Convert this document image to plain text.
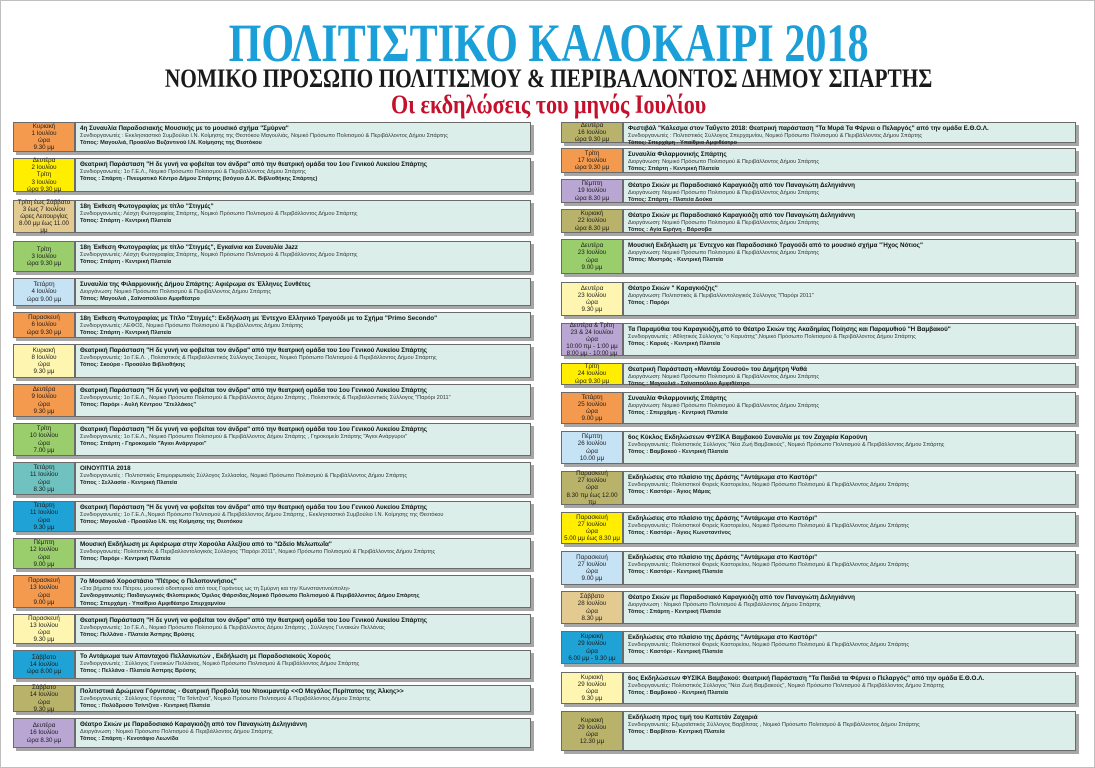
ΠΟΛΙΤΙΣΤΙΚΟ ΚΑΛΟΚΑΙΡΙ 2018
ΝΟΜΙΚΟ ΠΡΟΣΩΠΟ ΠΟΛΙΤΙΣΜΟΥ & ΠΕΡΙΒΑΛΛΟΝΤΟΣ ΔΗΜΟΥ ΣΠΑΡΤΗΣ
Οι εκδηλώσεις του μηνός Ιουλίου
Κυριακή
1 Ιουλίου
ώρα
9.30 μμ
4η Συναυλία Παραδοσιακής Μουσικής με το μουσικό σχήμα "Σμύρνα"
Συνδιοργανωτές : Εκκλησιαστικό Συμβούλιο Ι.Ν. Κοίμησης της Θεοτόκου Μαγουλιάς, Νομικό Πρόσωπο Πολιτισμού & Περιβάλλοντος Δήμου Σπάρτης
Τόπος: Μαγουλιά, Προαύλιο Βυζαντινού Ι.Ν. Κοίμησης της Θεοτόκου
Δευτέρα
2 Ιουλίου
Τρίτη
3 Ιουλίου
ώρα 9.30 μμ
Θεατρική Παράσταση "Η δε γυνή να φοβείται τον άνδρα" από την θεατρική ομάδα του 1ου Γενικού Λυκείου Σπάρτης
Συνδιοργανωτές: 1ο Γ.Ε.Λ., Νομικό Πρόσωπο Πολιτισμού & Περιβάλλοντος Δήμου Σπάρτης
Τόπος : Σπάρτη - Πνευματικό Κέντρο Δήμου Σπάρτης (Ισόγειο Δ.Κ. Βιβλιοθήκης Σπάρτης)
Τρίτη έως Σάββατο
3 έως 7 Ιουλίου
ώρες Λειτουργίας
8.00 μμ έως 11.00 μμ
18η Έκθεση Φωτογραφίας με τίτλο "Στιγμές"
Συνδιοργανωτές: Λέσχη Φωτογραφίας Σπάρτης, Νομικό Πρόσωπο Πολιτισμού & Περιβάλλοντος Δήμου Σπάρτης
Τόπος: Σπάρτη - Κεντρική Πλατεία
Τρίτη
3 Ιουλίου
ώρα 9.30 μμ
18η Έκθεση Φωτογραφίας με τίτλο "Στιγμές", Εγκαίνια και Συναυλία Jazz
Συνδιοργανωτές: Λέσχη Φωτογραφίας Σπάρτης, Νομικό Πρόσωπο Πολιτισμού & Περιβάλλοντος Δήμου Σπάρτης
Τόπος: Σπάρτη - Κεντρική Πλατεία
Τετάρτη
4 Ιουλίου
ώρα 9.00 μμ
Συναυλία της Φιλαρμονικής Δήμου Σπάρτης: Αφιέρωμα σε Έλληνες Συνθέτες
Διοργάνωση: Νομικό Πρόσωπο Πολιτισμού & Περιβάλλοντος Δήμου Σπάρτης
Τόπος: Μαγουλιά , Σαϊνοπούλειο Αμφιθέατρο
Παρασκευή
6 Ιουλίου
ώρα 9.30 μμ
18η Έκθεση Φωτογραφίας με Τίτλο "Στιγμές": Εκδήλωση με Έντεχνο Ελληνικό Τραγούδι με το Σχήμα "Primo Secondo"
Συνδιοργανωτές: ΛΕΦΟΣ, Νομικό Πρόσωπο Πολιτισμού & Περιβάλλοντος Δήμου Σπάρτης
Τόπος: Σπάρτη - Κεντρική Πλατεία
Κυριακή
8 Ιουλίου
ώρα
9.30 μμ
Θεατρική Παράσταση "Η δε γυνή να φοβείται τον άνδρα" από την θεατρική ομάδα του 1ου Γενικού Λυκείου Σπάρτης
Συνδιοργανωτές: 1ο Γ.Ε.Λ. , Πολιτιστικός & Περιβαλλοντικός Σύλλογος Σκούρας, Νομικό Πρόσωπο Πολιτισμού & Περιβάλλοντος Δήμου Σπάρτης
Τόπος: Σκούρα - Προαύλιο Βιβλιοθήκης
Δευτέρα
9 Ιουλίου
ώρα
9.30 μμ
Θεατρική Παράσταση "Η δε γυνή να φοβείται τον άνδρα" από την θεατρική ομάδα του 1ου Γενικού Λυκείου Σπάρτης
Συνδιοργανωτές: 1ο Γ.Ε.Λ., Νομικό Πρόσωπο Πολιτισμού & Περιβάλλοντος Δήμου Σπάρτης , Πολιτιστικός & Περιβαλλοντικός Σύλλογος "Παρόρι 2011"
Τόπος: Παρόρι - Αυλή Κέντρου "Στελλάκος"
Τρίτη
10 Ιουλίου
ώρα
7.00 μμ
Θεατρική Παράσταση "Η δε γυνή να φοβείται τον άνδρα" από την θεατρική ομάδα του 1ου Γενικού Λυκείου Σπάρτης
Συνδιοργανωτές: 1ο Γ.Ε.Λ., Νομικό Πρόσωπο Πολιτισμού & Περιβάλλοντος Δήμου Σπάρτης , Γηροκομείο Σπάρτης "Άγιοι Ανάργυροι"
Τόπος: Σπάρτη - Γηροκομείο "Άγιοι Ανάργυροι"
Τετάρτη
11 Ιουλίου
ώρα
8.30 μμ
ΟΙΝΟΥΠΤΙΑ 2018
Συνδιοργανωτές : Πολιτιστικός Επιμορφωτικός Σύλλογος Σελλασίας, Νομικό Πρόσωπο Πολιτισμού & Περιβάλλοντος Δήμου Σπάρτης
Τόπος : Σελλασία - Κεντρική Πλατεία
Τετάρτη
11 Ιουλίου
ώρα
9.30 μμ
Θεατρική Παράσταση "Η δε γυνή να φοβείται τον άνδρα" από την θεατρική ομάδα του 1ου Γενικού Λυκείου Σπάρτης
Συνδιοργανωτές: 1ο Γ.Ε.Λ.,Νομικό Πρόσωπο Πολιτισμού & Περιβάλλοντος Δήμου Σπάρτης , Εκκλησιαστικό Συμβούλιο Ι.Ν. Κοίμησης της Θεοτόκου
Τόπος: Μαγουλιά - Προαύλιο Ι.Ν. της Κοίμησης της Θεοτόκου
Πέμπτη
12 Ιουλίου
ώρα
9.00 μμ
Μουσική Εκδήλωση με Αφιέρωμα στην Χαρούλα Αλεξίου από το "Ωδείο Μελωπωΐα"
Συνδιοργανωτές: Πολιτιστικός & Περιβαλλοντολογικός Σύλλογος "Παρόρι 2011", Νομικό Πρόσωπο Πολιτισμού & Περιβάλλοντος Δήμου Σπάρτης
Τόπος: Παρόρι - Κεντρική Πλατεία
Παρασκευή
13 Ιουλίου
ώρα
9.00 μμ
7ο Μουσικό Χοροστάσιο "Πέτρος ο Πελοποννήσιος"
«Στα βήματα του Πέτρου, μουσικό οδοιπορικό από τους Γοράνους ως τη Σμύρνη και την Κωνσταντινούπολη»
Συνδιοργανωτές: Παιδαγωγικός Φιλοπερικός Όμιλος Φάρσιδας,Νομικό Πρόσωπο Πολιτισμού & Περιβάλλοντος Δήμου Σπάρτης
Τόπος: Σπερχάμη - Υπαίθριο Αμφιθέατρο Σπερχαμνίου
Παρασκευή
13 Ιουλίου
ώρα
9.30 μμ
Θεατρική Παράσταση "Η δε γυνή να φοβείται τον άνδρα" από την θεατρική ομάδα του 1ου Γενικού Λυκείου Σπάρτης
Συνδιοργανωτές: 1ο Γ.Ε.Λ., Νομικό Πρόσωπο Πολιτισμού & Περιβάλλοντος Δήμου Σπάρτης , Σύλλογος Γυναικών Πελλάνας
Τόπος: Πελλάνα - Πλατεία Άσπρης Βρύσης
Σάββατο
14 Ιουλίου
ώρα 8.00 μμ
Το Αντάμωμα των Απανταχού Πελλανιωτών , Εκδήλωση με Παραδοσιακούς Χορούς
Συνδιοργανωτές : Σύλλογος Γυναικών Πελλάνας, Νομικό Πρόσωπο Πολιτισμού & Περιβάλλοντος Δήμου Σπάρτης
Τόπος : Πελλάνα - Πλατεία Άσπρης Βρύσης
Σάββατο
14 Ιουλίου
ώρα
9.30 μμ
Πολιτιστικά Δρώμενα Γόρνιτσας - Θεατρική Προβολή του Ντοκιμαντέρ <<Ο Μεγάλος Περίπατος της Άλκης>>
Συνδιοργανωτές : Σύλλογος Γόρνιτσας "Τα Τσίντζινα", Νομικό Πρόσωπο Πολιτισμού & Περιβάλλοντος Δήμου Σπάρτης
Τόπος : Πολύδροσο Τσίντζινα - Κεντρική Πλατεία
Δευτέρα
16 Ιουλίου
ώρα 8.30 μμ
Θέατρο Σκιών με Παραδοσιακό Καραγκιόζη από τον Παναγιώτη Δεληγιάννη
Διοργάνωση : Νομικό Πρόσωπο Πολιτισμού & Περιβάλλοντος Δήμου Σπάρτης
Τόπος : Σπάρτη - Κενοτάφιο Λεωνίδα
Δευτέρα
16 Ιουλίου
ώρα 9.30 μμ
Φεστιβάλ "Κάλεσμα στον Ταΰγετο 2018: Θεατρική παράσταση "Τα Μυρά Τα Φέρνει ο Πελαργός" από την ομάδα Ε.Θ.Ο.Λ.
Συνδιοργανωτές : Πολιτιστικός Σύλλογος Σπερχαμνίου, Νομικό Πρόσωπο Πολιτισμού & Περιβάλλοντος Δήμου Σπάρτης
Τόπος: Σπερχάμη - Υπαίθριο Αμφιθέατρο
Τρίτη
17 Ιουλίου
ώρα 9.30 μμ
Συναυλία Φιλαρμονικής Σπάρτης
Διοργάνωση: Νομικό Πρόσωπο Πολιτισμού & Περιβάλλοντος Δήμου Σπάρτης
Τόπος: Σπάρτη - Κεντρική Πλατεία
Πέμπτη
19 Ιουλίου
ώρα 8.30 μμ
Θέατρο Σκιών με Παραδοσιακό Καραγκιόζη από τον Παναγιώτη Δεληγιάννη
Διοργάνωση: Νομικό Πρόσωπο Πολιτισμού & Περιβάλλοντος Δήμου Σπάρτης
Τόπος: Σπάρτη - Πλατεία Δούκα
Κυριακή
22 Ιουλίου
ώρα 8.30 μμ
Θέατρο Σκιών με Παραδοσιακό Καραγκιόζη από τον Παναγιώτη Δεληγιάννη
Διοργάνωση: Νομικό Πρόσωπο Πολιτισμού & Περιβάλλοντος Δήμου Σπάρτης
Τόπος : Αγία Ειρήνη - Βάρσοβα
Δευτέρα
23 Ιουλίου
ώρα
9.00 μμ
Μουσική Εκδήλωση με Έντεχνο και Παραδοσιακό Τραγούδι από το μουσικό σχήμα "Ήχος Νότιος"
Διοργάνωση: Νομικό Πρόσωπο Πολιτισμού & Περιβάλλοντος Δήμου Σπάρτης
Τόπος: Μυστράς - Κεντρική Πλατεία
Δευτέρα
23 Ιουλίου
ώρα
9.30 μμ
Θέατρο Σκιών " Καραγκιόζης"
Διοργάνωση: Πολιτιστικός & Περιβαλλοντολογικός Σύλλογος "Παρόρι 2011"
Τόπος : Παρόρι
Δευτέρα & Τρίτη
23 & 24 Ιουλίου
ώρα
10:00 πμ - 1:00 μμ
8:00 μμ - 10:00 μμ
Τα Παραμύθια του Καραγκιόζη,από το Θέατρο Σκιών της Ακαδημίας Ποίησης και Παραμυθιού "Η Βαμβακού"
Συνδιοργανωτές : Αθλητικός Σύλλογος "ο Καρυάτης",Νομικό Πρόσωπο Πολιτισμού & Περιβάλλοντος Δήμου Σπάρτης
Τόπος : Καρυές - Κεντρική Πλατεία
Τρίτη
24 Ιουλίου
ώρα 9.30 μμ
Θεατρική Παράσταση «Μαντάμ Σουσού» του Δημήτρη Ψαθά
Διοργάνωση: Νομικό Πρόσωπο Πολιτισμού & Περιβάλλοντος Δήμου Σπάρτης
Τόπος : Μαγουλιά - Σαϊνοπούλειο Αμφιθέατρο
Τετάρτη
25 Ιουλίου
ώρα
9.00 μμ
Συναυλία Φιλαρμονικής Σπάρτης
Διοργάνωση: Νομικό Πρόσωπο Πολιτισμού & Περιβάλλοντος Δήμου Σπάρτης
Τόπος : Σπερχάμη - Κεντρική Πλατεία
Πέμπτη
26 Ιουλίου
ώρα
10.00 μμ
6ος Κύκλος Εκδηλώσεων ΦΥΣΙΚΑ Βαμβακού Συναυλία με τον Ζαχαρία Καρούνη
Συνδιοργανωτές: Πολιτιστικός Σύλλογος "Νέα Ζωή Βαμβακούς", Νομικό Πρόσωπο Πολιτισμού & Περιβάλλοντος Δήμου Σπάρτης
Τόπος : Βαμβακού - Κεντρική Πλατεία
Παρασκευή
27 Ιουλίου
ώρα
8.30 πμ έως 12.00 πμ
Εκδηλώσεις στο πλαίσιο της Δράσης "Αντάμωμα στο Καστόρι"
Συνδιοργανωτές: Πολιτιστικοί Φορείς Καστορείου, Νομικό Πρόσωπο Πολιτισμού & Περιβάλλοντος Δήμου Σπάρτης
Τόπος : Καστόρι - Άγιος Μάμας
Παρασκευή
27 Ιουλίου
ώρα
5.00 μμ έως 8.30 μμ
Εκδηλώσεις στο πλαίσιο της Δράσης "Αντάμωμα στο Καστόρι"
Συνδιοργανωτές: Πολιτιστικοί Φορείς Καστορείου, Νομικό Πρόσωπο Πολιτισμού & Περιβάλλοντος Δήμου Σπάρτης
Τόπος : Καστόρι - Άγιος Κωνσταντίνος
Παρασκευή
27 Ιουλίου
ώρα
9.00 μμ
Εκδηλώσεις στο πλαίσιο της Δράσης "Αντάμωμα στο Καστόρι"
Συνδιοργανωτές: Πολιτιστικοί Φορείς Καστορείου, Νομικό Πρόσωπο Πολιτισμού & Περιβάλλοντος Δήμου Σπάρτης
Τόπος : Καστόρι - Κεντρική Πλατεία
Σάββατο
28 Ιουλίου
ώρα
8.30 μμ
Θέατρο Σκιών με Παραδοσιακό Καραγκιόζη από τον Παναγιώτη Δεληγιάννη
Διοργάνωση : Νομικό Πρόσωπο Πολιτισμού & Περιβάλλοντος Δήμου Σπάρτης
Τόπος : Σπάρτη - Κεντρική Πλατεία
Κυριακή
29 Ιουλίου
ώρα
6.00 μμ - 9.30 μμ
Εκδηλώσεις στο πλαίσιο της Δράσης "Αντάμωμα στο Καστόρι"
Συνδιοργανωτές: Πολιτιστικοί Φορείς Καστορείου, Νομικό Πρόσωπο Πολιτισμού & Περιβάλλοντος Δήμου Σπάρτης
Τόπος : Καστόρι - Κεντρική Πλατεία
Κυριακή
29 Ιουλίου
ώρα
9.30 μμ
6ος Εκδηλώσεων ΦΥΣΙΚΑ Βαμβακού: Θεατρική Παράσταση "Τα Παιδιά τα Φέρνει ο Πελαργός" από την ομάδα Ε.Θ.Ο.Λ.
Συνδιοργανωτές: Πολιτιστικός Σύλλογος "Νέα Ζωή Βαμβακούς", Νομικό Πρόσωπο Πολιτισμού & Περιβάλλοντος Δήμου Σπάρτης
Τόπος : Βαμβακού - Κεντρική Πλατεία
Κυριακή
29 Ιουλίου
ώρα
12.30 μμ
Εκδήλωση προς τιμή του Καπετάν Ζαχαριά
Συνδιοργανωτές: Εξωραϊστικός Σύλλογος Βαρβίτσας , Νομικό Πρόσωπο Πολιτισμού & Περιβάλλοντος Δήμου Σπάρτης
Τόπος : Βαρβίτσα- Κεντρική Πλατεία
